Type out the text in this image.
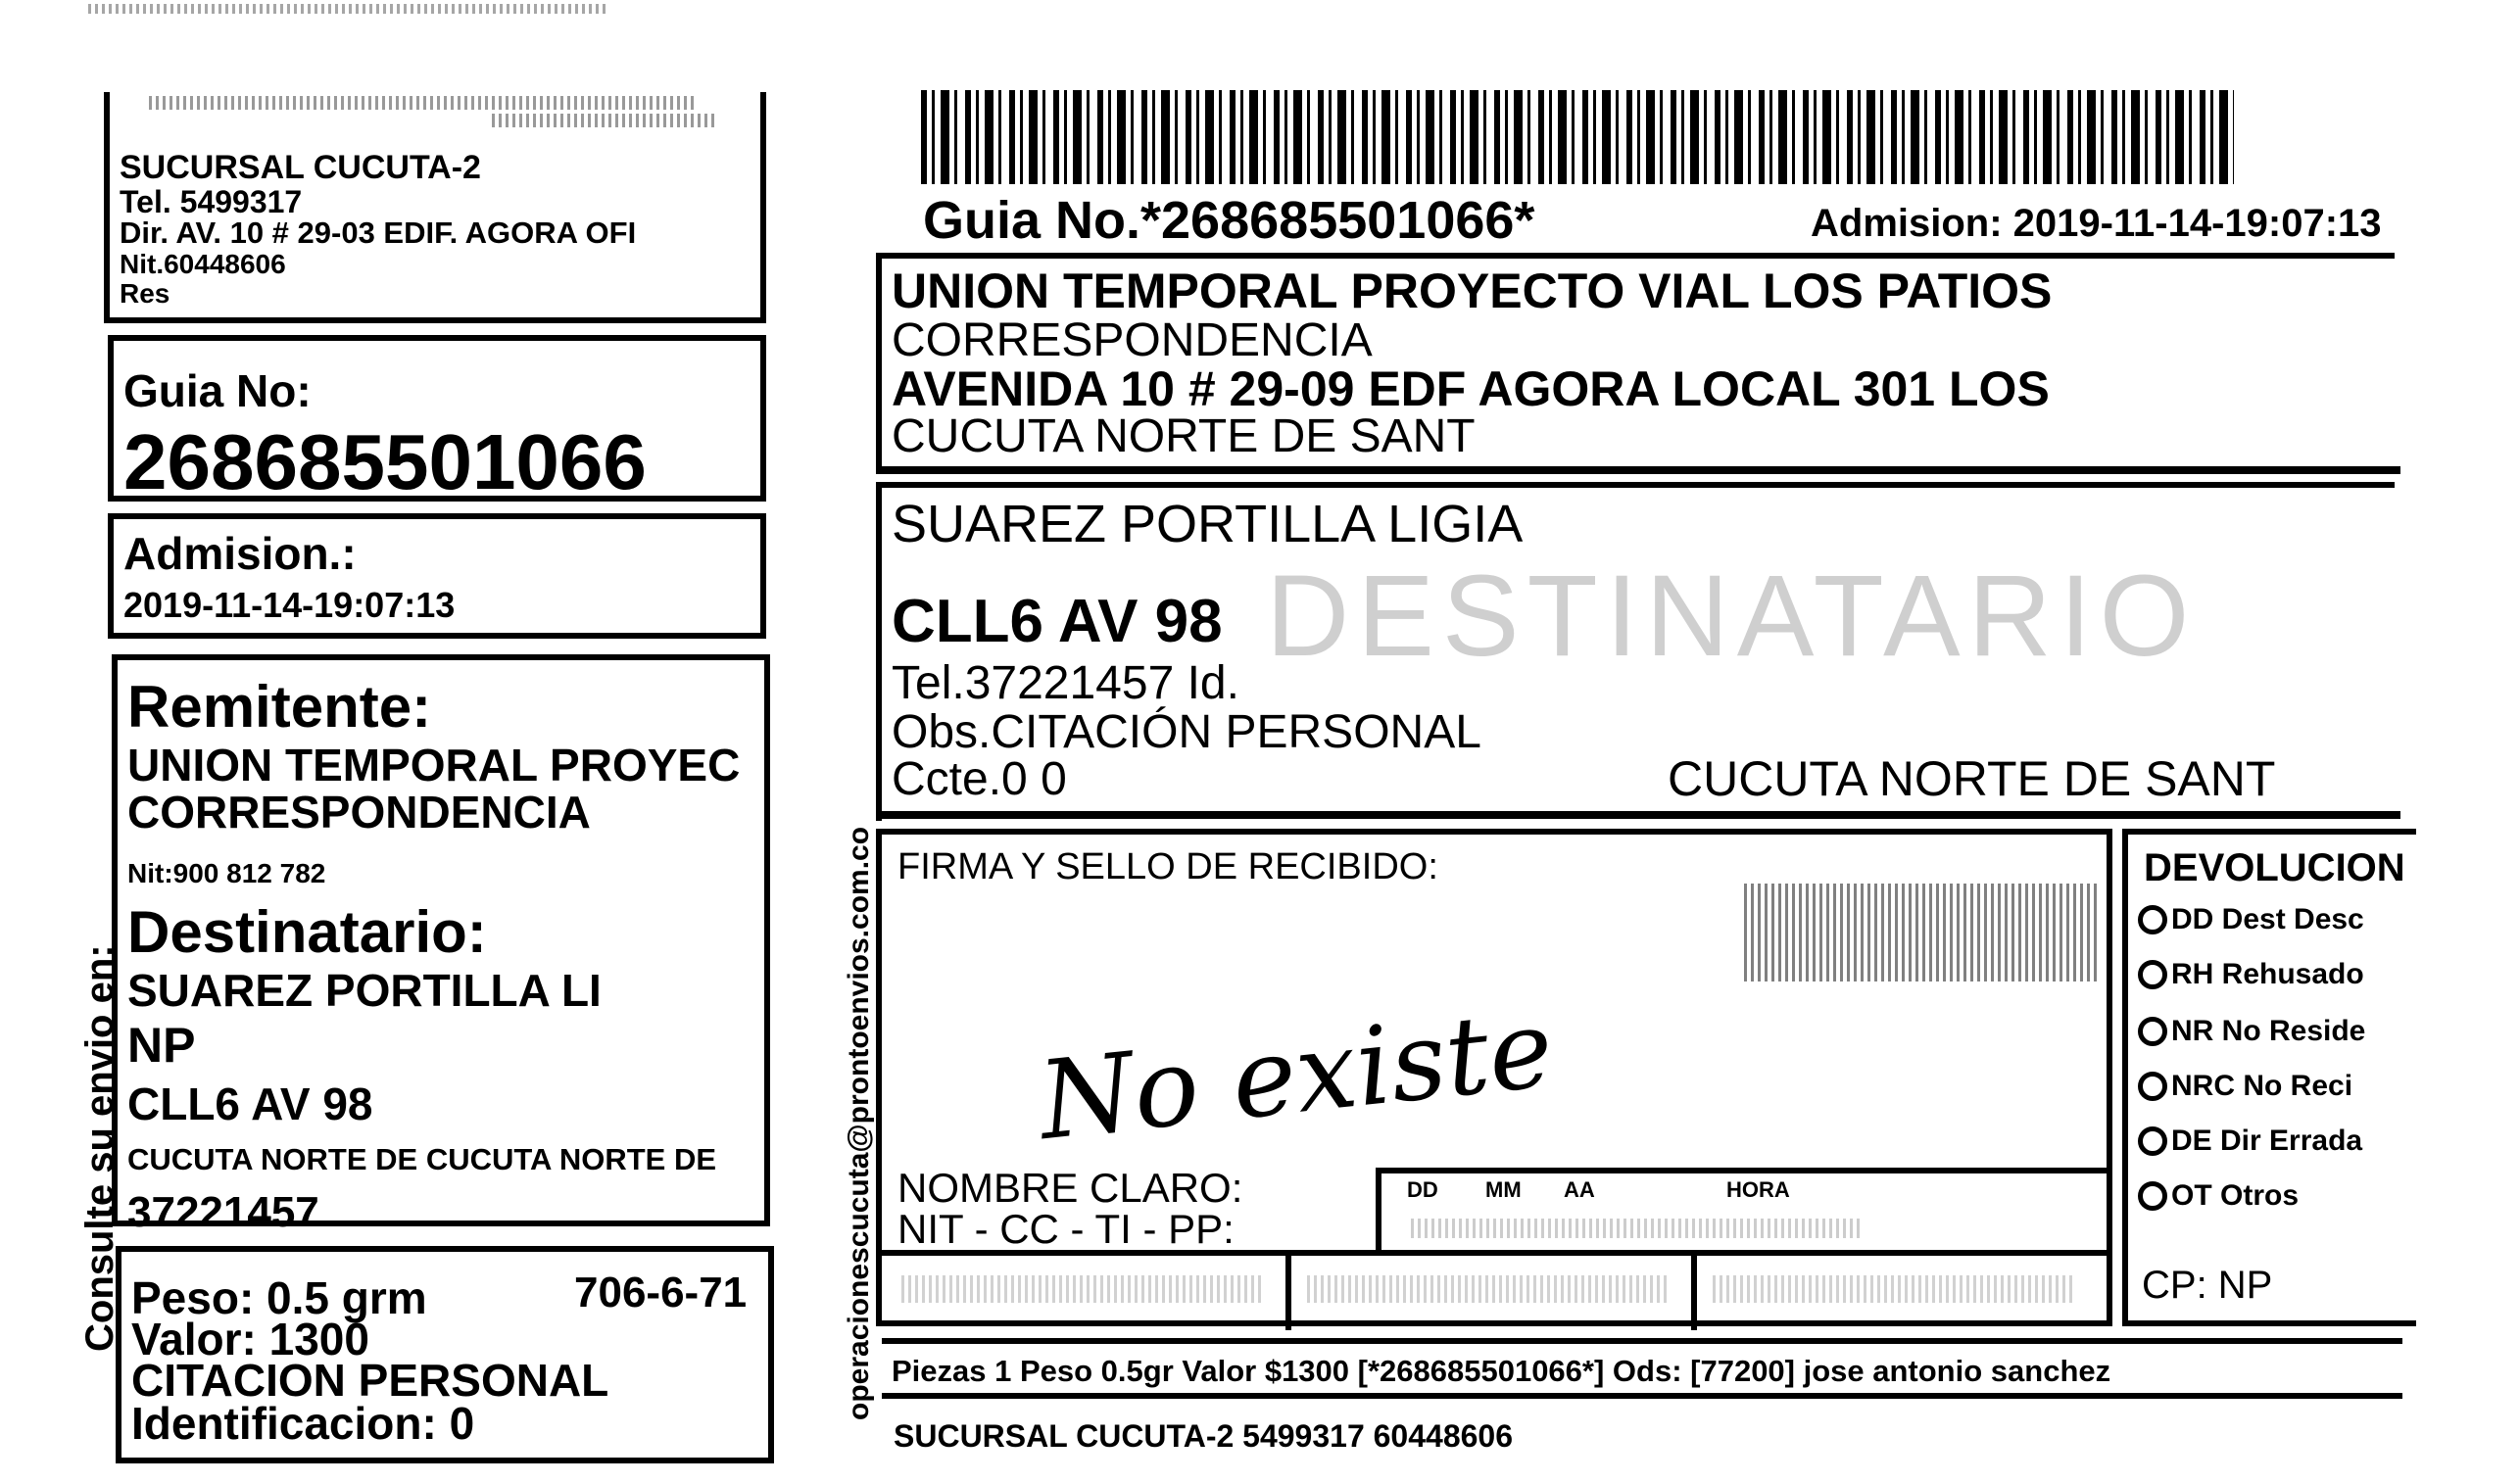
SUCURSAL CUCUTA-2
Tel. 5499317
Dir. AV. 10 # 29-03 EDIF. AGORA OFI
Nit.60448606
Res
Guia No:
268685501066
Admision.:
2019-11-14-19:07:13
Remitente:
UNION TEMPORAL PROYEC
CORRESPONDENCIA
Nit:900 812 782
Destinatario:
SUAREZ PORTILLA LI
NP
CLL6 AV 98
CUCUTA NORTE DE CUCUTA NORTE DE
37221457
Peso: 0.5 grm	706-6-71
Valor: 1300
CITACION PERSONAL
Identificacion: 0
Consulte su envio en:	operacionescucuta@prontoenvios.com.co
Guia No.*268685501066*	Admision: 2019-11-14-19:07:13
UNION TEMPORAL PROYECTO VIAL LOS PATIOS
CORRESPONDENCIA
AVENIDA 10 # 29-09 EDF AGORA LOCAL 301 LOS
CUCUTA NORTE DE SANT
SUAREZ PORTILLA LIGIA
DESTINATARIO
CLL6 AV 98
Tel.37221457 Id.
Obs.CITACIÓN PERSONAL
Ccte.0 0	CUCUTA NORTE DE SANT
FIRMA Y SELLO DE RECIBIDO:
No existe
NOMBRE CLARO:
NIT - CC - TI - PP:
DD MM AA	HORA
DEVOLUCION
DD Dest Desc
RH Rehusado
NR No Reside
NRC No Reci
DE Dir Errada
OT Otros
CP: NP
Piezas 1 Peso 0.5gr Valor $1300 [*268685501066*] Ods: [77200] jose antonio sanchez
SUCURSAL CUCUTA-2 5499317 60448606
